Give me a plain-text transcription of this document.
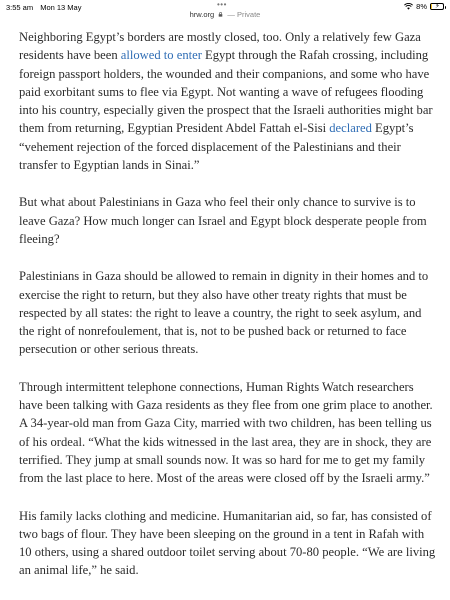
3:55 am Mon 13 May	•••	8% ⚡
hrw.org — Private

Neighboring Egypt’s borders are mostly closed, too. Only a relatively few Gaza residents have been allowed to enter Egypt through the Rafah crossing, including foreign passport holders, the wounded and their companions, and some who have paid exorbitant sums to flee via Egypt. Not wanting a wave of refugees flooding into his country, especially given the prospect that the Israeli authorities might bar them from returning, Egyptian President Abdel Fattah el-Sisi declared Egypt’s “vehement rejection of the forced displacement of the Palestinians and their transfer to Egyptian lands in Sinai.”

But what about Palestinians in Gaza who feel their only chance to survive is to leave Gaza? How much longer can Israel and Egypt block desperate people from fleeing?

Palestinians in Gaza should be allowed to remain in dignity in their homes and to exercise the right to return, but they also have other treaty rights that must be respected by all states: the right to leave a country, the right to seek asylum, and the right of nonrefoulement, that is, not to be pushed back or returned to face persecution or other serious threats.

Through intermittent telephone connections, Human Rights Watch researchers have been talking with Gaza residents as they flee from one grim place to another. A 34-year-old man from Gaza City, married with two children, has been telling us of his ordeal. “What the kids witnessed in the last area, they are in shock, they are terrified. They jump at small sounds now. It was so hard for me to get my family from the last place to here. Most of the areas were closed off by the Israeli army.”

His family lacks clothing and medicine. Humanitarian aid, so far, has consisted of two bags of flour. They have been sleeping on the ground in a tent in Rafah with 10 others, using a shared outdoor toilet serving about 70-80 people. “We are living an animal life,” he said.
